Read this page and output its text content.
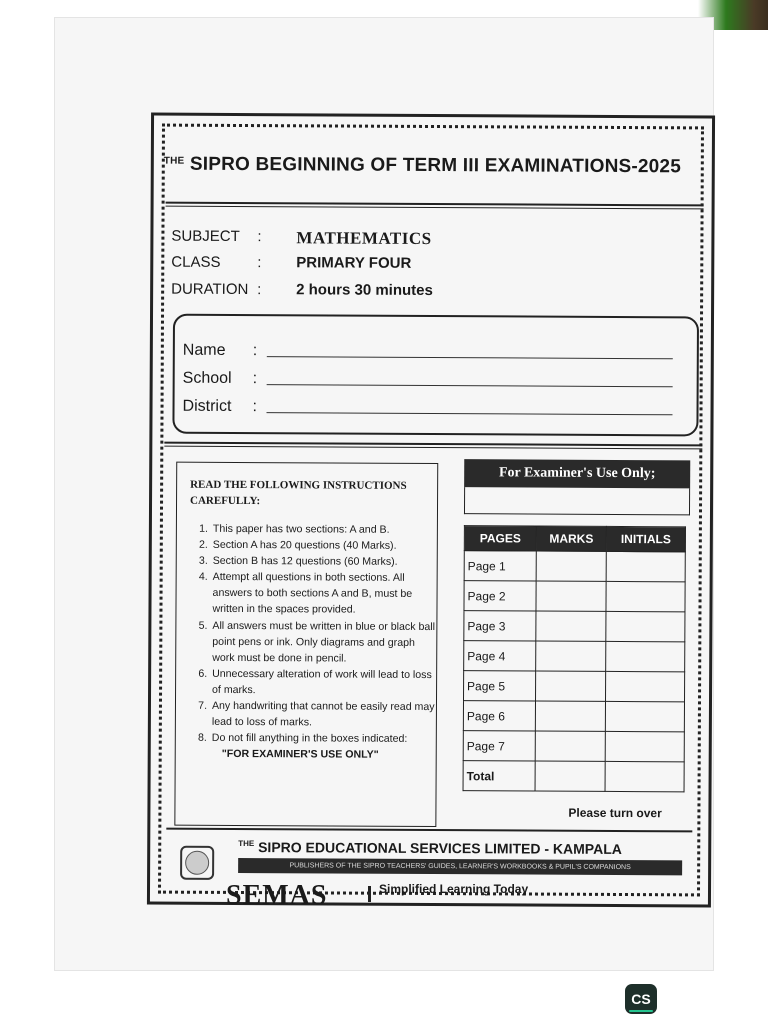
$^{THE}$ SIPRO BEGINNING OF TERM III EXAMINATIONS-2025
SUBJECT	: MATHEMATICS
CLASS	: PRIMARY FOUR
DURATION : 2 hours 30 minutes
Name :
School :
District :
READ THE FOLLOWING INSTRUCTIONS CAREFULLY:
1. This paper has two sections: A and B.
2. Section A has 20 questions (40 Marks).
3. Section B has 12 questions (60 Marks).
4. Attempt all questions in both sections. All answers to both sections A and B, must be written in the spaces provided.
5. All answers must be written in blue or black ball point pens or ink. Only diagrams and graph work must be done in pencil.
6. Unnecessary alteration of work will lead to loss of marks.
7. Any handwriting that cannot be easily read may lead to loss of marks.
8. Do not fill anything in the boxes indicated:
"FOR EXAMINER'S USE ONLY"
For Examiner's Use Only;
PAGES	MARKS	INITIALS
Page 1		
Page 2		
Page 3		
Page 4		
Page 5		
Page 6		
Page 7		
Total		
Please turn over
$^{THE}$ SIPRO EDUCATIONAL SERVICES LIMITED - KAMPALA
PUBLISHERS OF THE SIPRO TEACHERS' GUIDES, LEARNER'S WORKBOOKS & PUPIL'S COMPANIONS
SEMAS	Simplified Learning Today
CS
